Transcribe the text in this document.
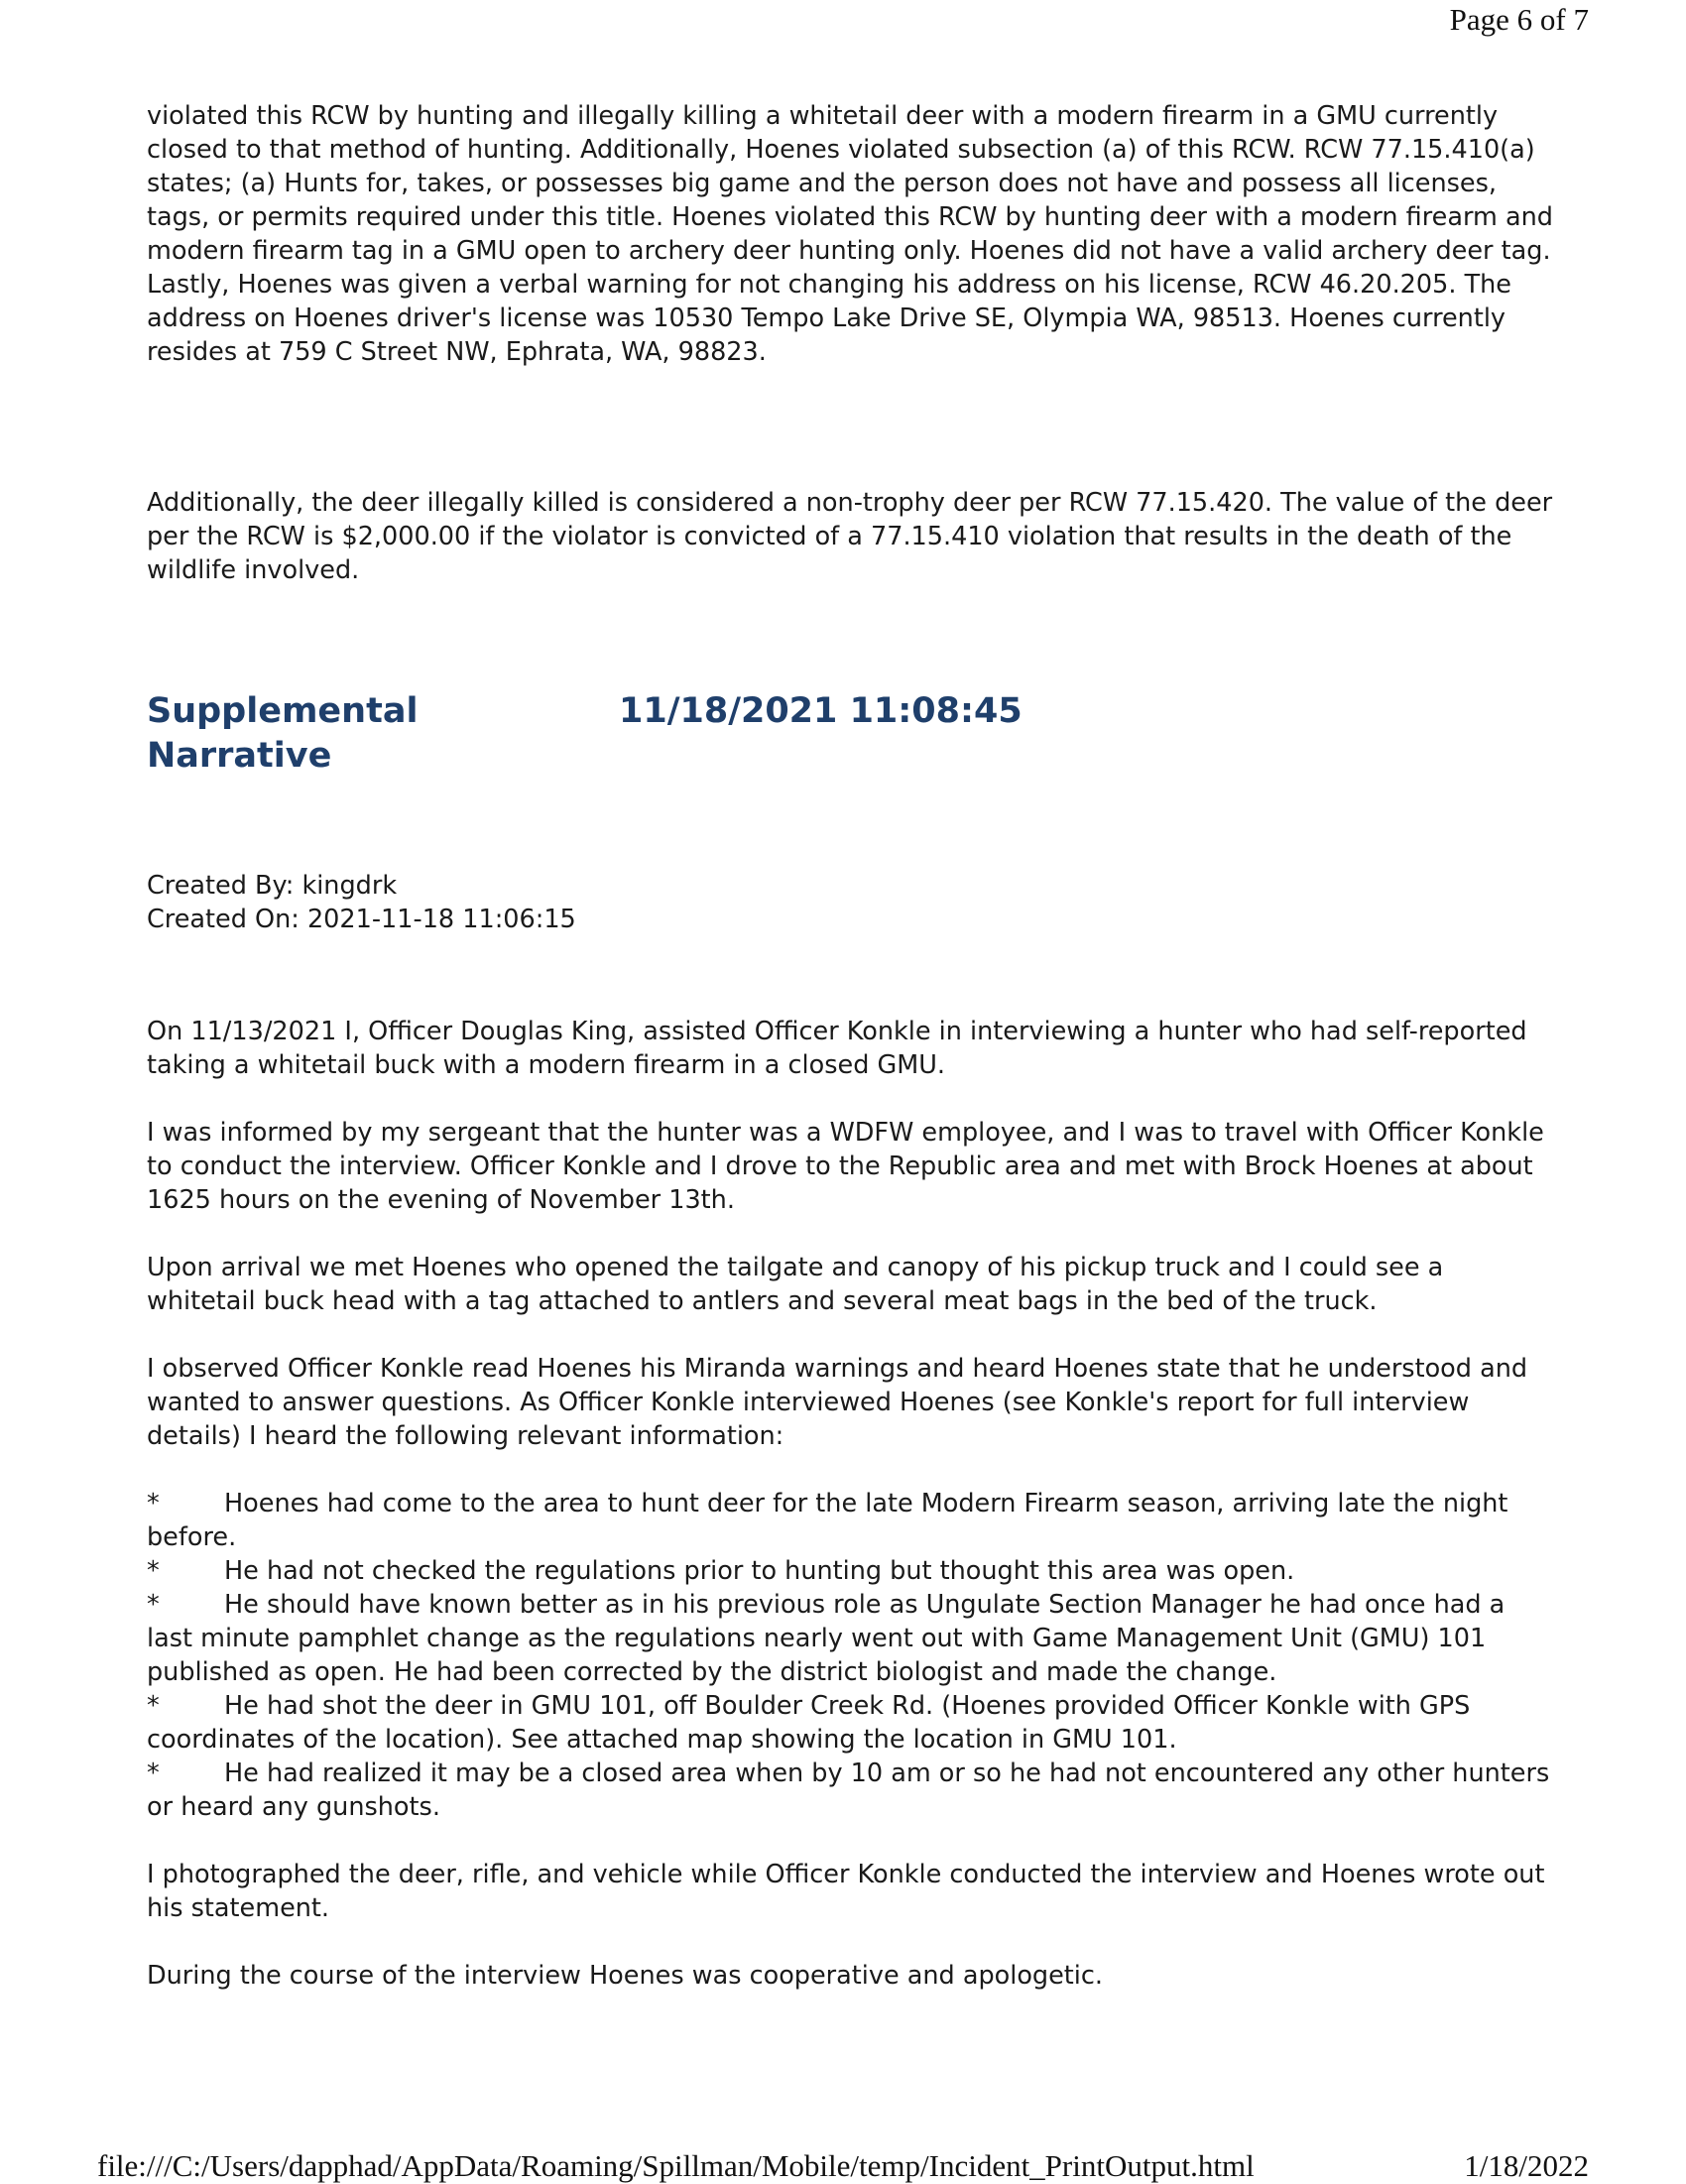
Page 6 of 7

violated this RCW by hunting and illegally killing a whitetail deer with a modern firearm in a GMU currently closed to that method of hunting. Additionally, Hoenes violated subsection (a) of this RCW. RCW 77.15.410(a) states; (a) Hunts for, takes, or possesses big game and the person does not have and possess all licenses, tags, or permits required under this title. Hoenes violated this RCW by hunting deer with a modern firearm and modern firearm tag in a GMU open to archery deer hunting only. Hoenes did not have a valid archery deer tag. Lastly, Hoenes was given a verbal warning for not changing his address on his license, RCW 46.20.205. The address on Hoenes driver's license was 10530 Tempo Lake Drive SE, Olympia WA, 98513. Hoenes currently resides at 759 C Street NW, Ephrata, WA, 98823.

Additionally, the deer illegally killed is considered a non-trophy deer per RCW 77.15.420. The value of the deer per the RCW is $2,000.00 if the violator is convicted of a 77.15.410 violation that results in the death of the wildlife involved.

Supplemental
Narrative
11/18/2021 11:08:45
Created By: kingdrk
Created On: 2021-11-18 11:06:15

On 11/13/2021 I, Officer Douglas King, assisted Officer Konkle in interviewing a hunter who had self-reported taking a whitetail buck with a modern firearm in a closed GMU.

I was informed by my sergeant that the hunter was a WDFW employee, and I was to travel with Officer Konkle to conduct the interview. Officer Konkle and I drove to the Republic area and met with Brock Hoenes at about 1625 hours on the evening of November 13th.

Upon arrival we met Hoenes who opened the tailgate and canopy of his pickup truck and I could see a whitetail buck head with a tag attached to antlers and several meat bags in the bed of the truck.

I observed Officer Konkle read Hoenes his Miranda warnings and heard Hoenes state that he understood and wanted to answer questions. As Officer Konkle interviewed Hoenes (see Konkle's report for full interview details) I heard the following relevant information:

*	Hoenes had come to the area to hunt deer for the late Modern Firearm season, arriving late the night before.

*	He had not checked the regulations prior to hunting but thought this area was open.

*	He should have known better as in his previous role as Ungulate Section Manager he had once had a last minute pamphlet change as the regulations nearly went out with Game Management Unit (GMU) 101 published as open. He had been corrected by the district biologist and made the change.

*	He had shot the deer in GMU 101, off Boulder Creek Rd. (Hoenes provided Officer Konkle with GPS coordinates of the location). See attached map showing the location in GMU 101.

*	He had realized it may be a closed area when by 10 am or so he had not encountered any other hunters or heard any gunshots.

I photographed the deer, rifle, and vehicle while Officer Konkle conducted the interview and Hoenes wrote out his statement.

During the course of the interview Hoenes was cooperative and apologetic.

file:///C:/Users/dapphad/AppData/Roaming/Spillman/Mobile/temp/Incident_PrintOutput.html	1/18/2022
